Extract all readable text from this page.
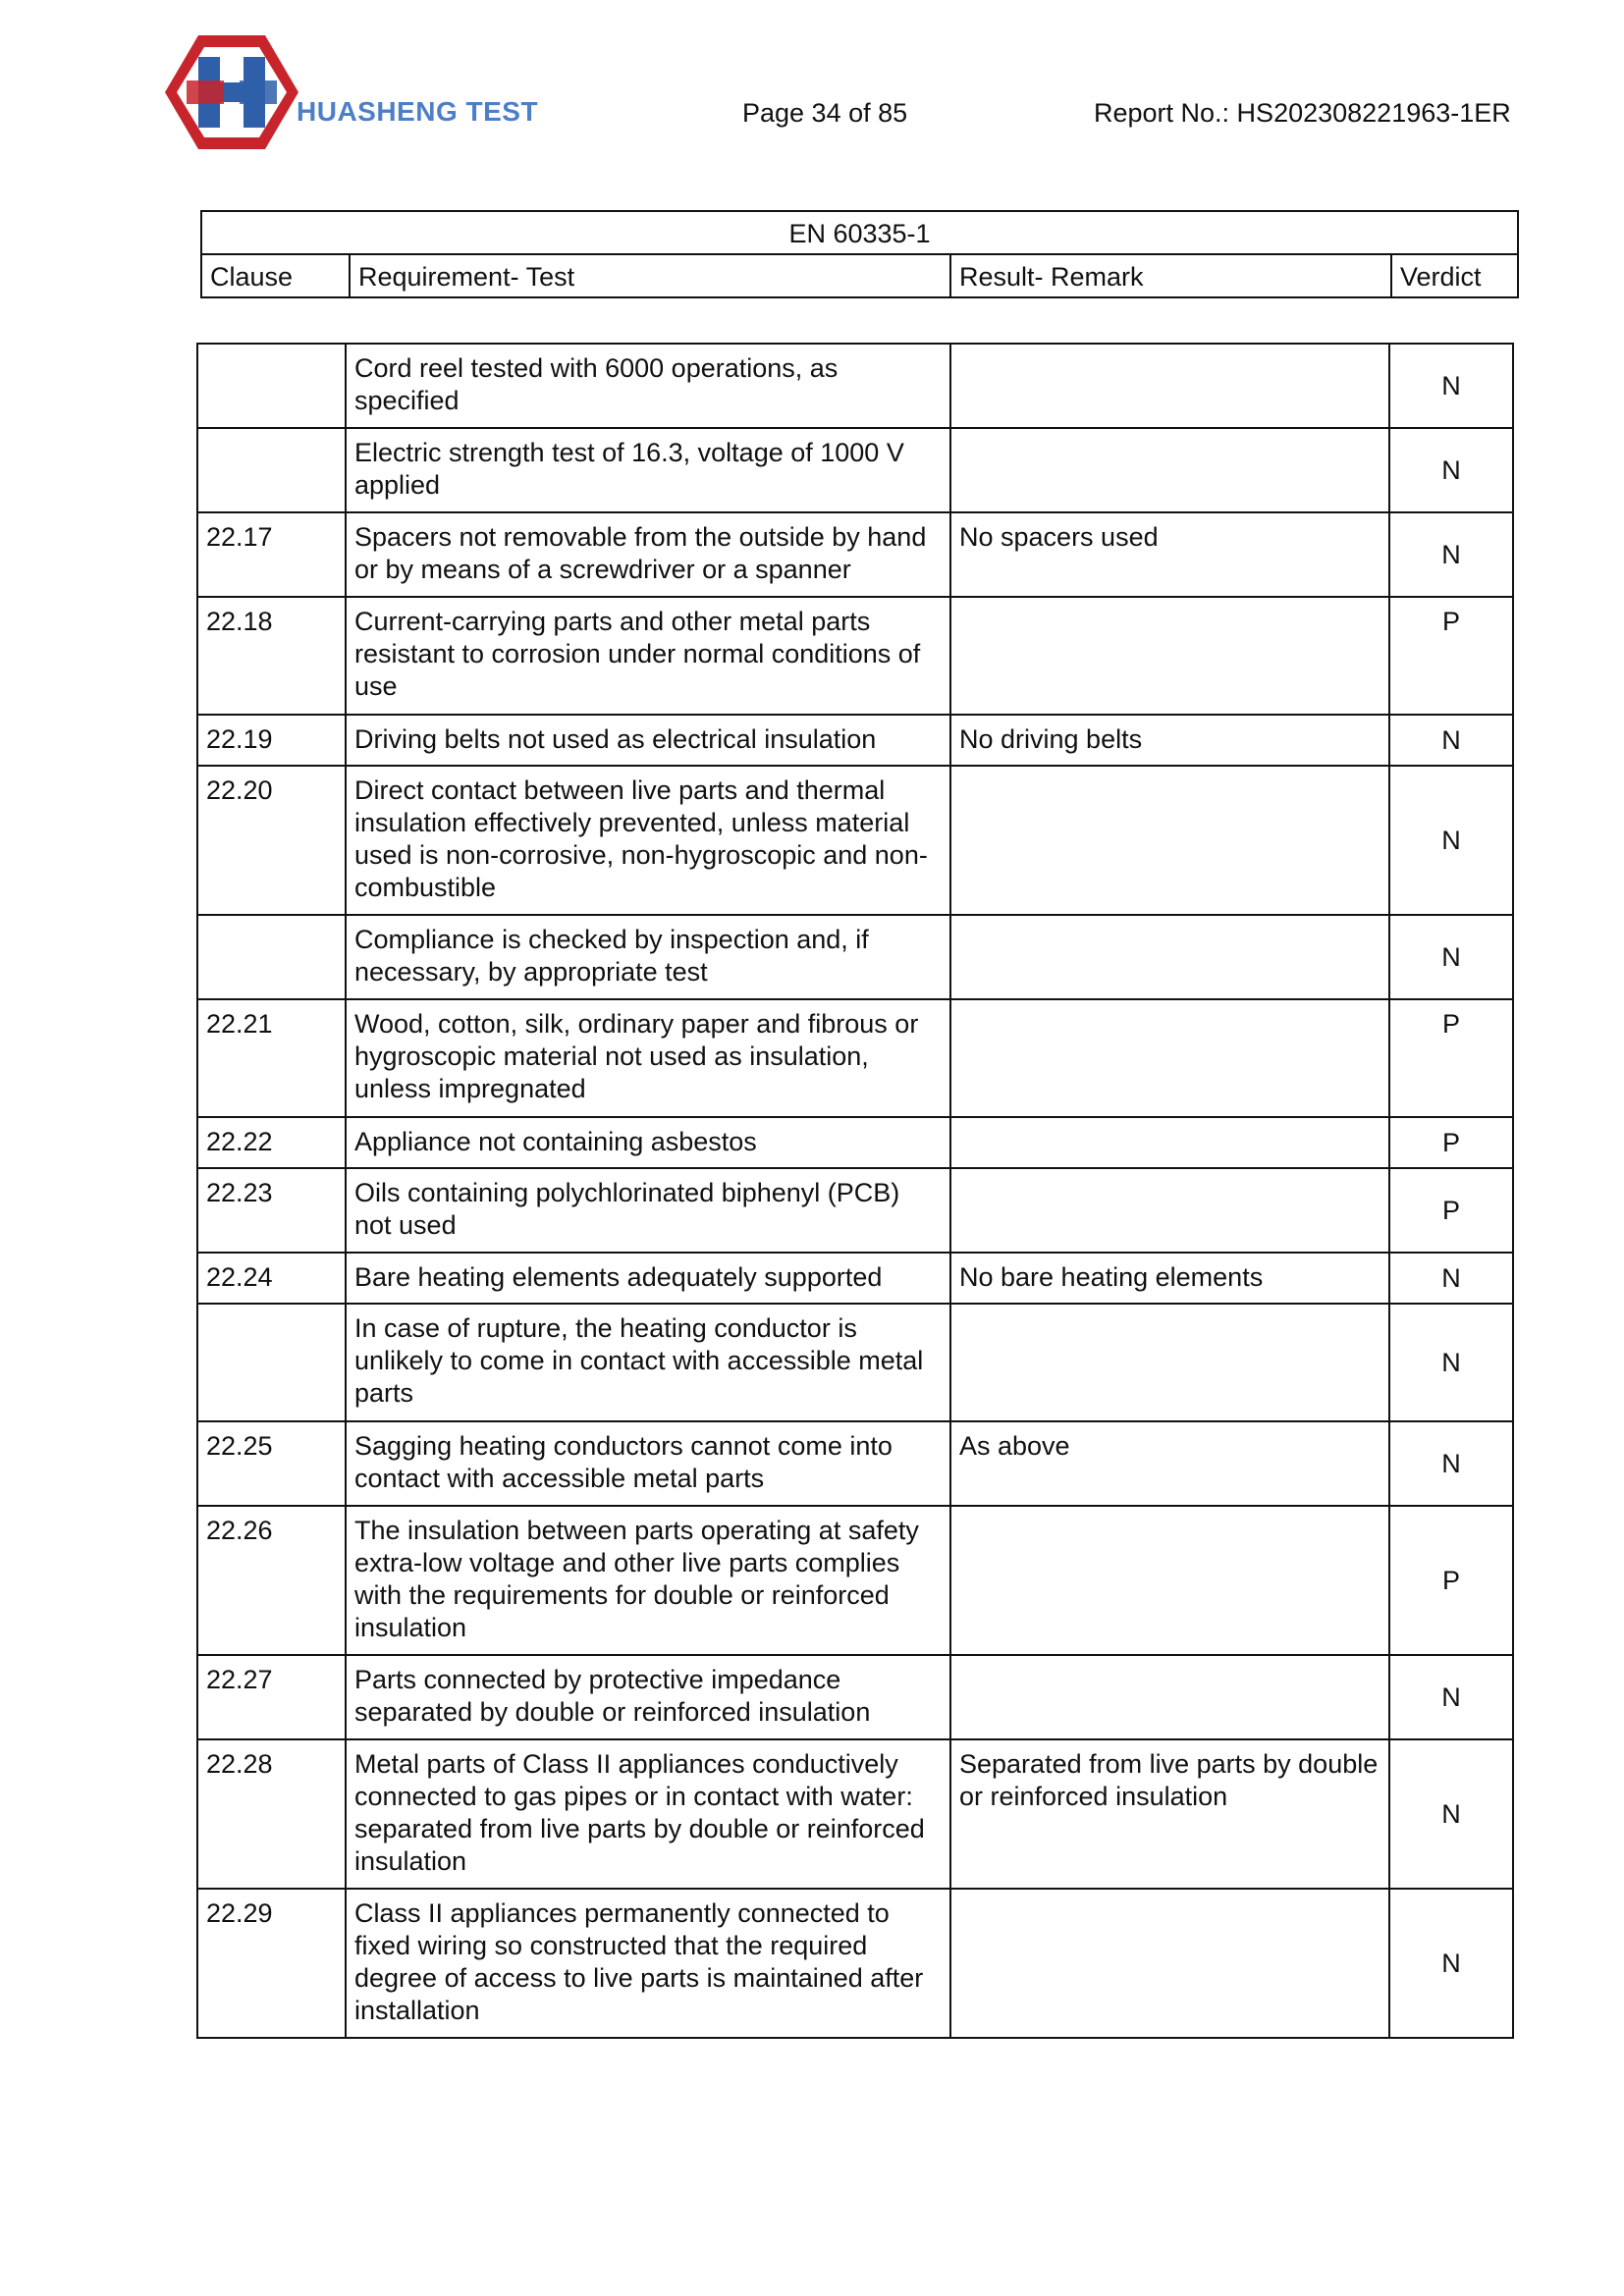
HUASHENG TEST	Page 34 of 85	Report No.: HS202308221963-1ER
EN 60335-1
Clause	Requirement- Test	Result- Remark	Verdict
	Cord reel tested with 6000 operations, as specified		N
	Electric strength test of 16.3, voltage of 1000 V applied		N
22.17	Spacers not removable from the outside by hand or by means of a screwdriver or a spanner	No spacers used	N
22.18	Current-carrying parts and other metal parts resistant to corrosion under normal conditions of use		P
22.19	Driving belts not used as electrical insulation	No driving belts	N
22.20	Direct contact between live parts and thermal insulation effectively prevented, unless material used is non-corrosive, non-hygroscopic and non-combustible		N
	Compliance is checked by inspection and, if necessary, by appropriate test		N
22.21	Wood, cotton, silk, ordinary paper and fibrous or hygroscopic material not used as insulation, unless impregnated		P
22.22	Appliance not containing asbestos		P
22.23	Oils containing polychlorinated biphenyl (PCB) not used		P
22.24	Bare heating elements adequately supported	No bare heating elements	N
	In case of rupture, the heating conductor is unlikely to come in contact with accessible metal parts		N
22.25	Sagging heating conductors cannot come into contact with accessible metal parts	As above	N
22.26	The insulation between parts operating at safety extra-low voltage and other live parts complies with the requirements for double or reinforced insulation		P
22.27	Parts connected by protective impedance separated by double or reinforced insulation		N
22.28	Metal parts of Class II appliances conductively connected to gas pipes or in contact with water: separated from live parts by double or reinforced insulation	Separated from live parts by double or reinforced insulation	N
22.29	Class II appliances permanently connected to fixed wiring so constructed that the required degree of access to live parts is maintained after installation		N
